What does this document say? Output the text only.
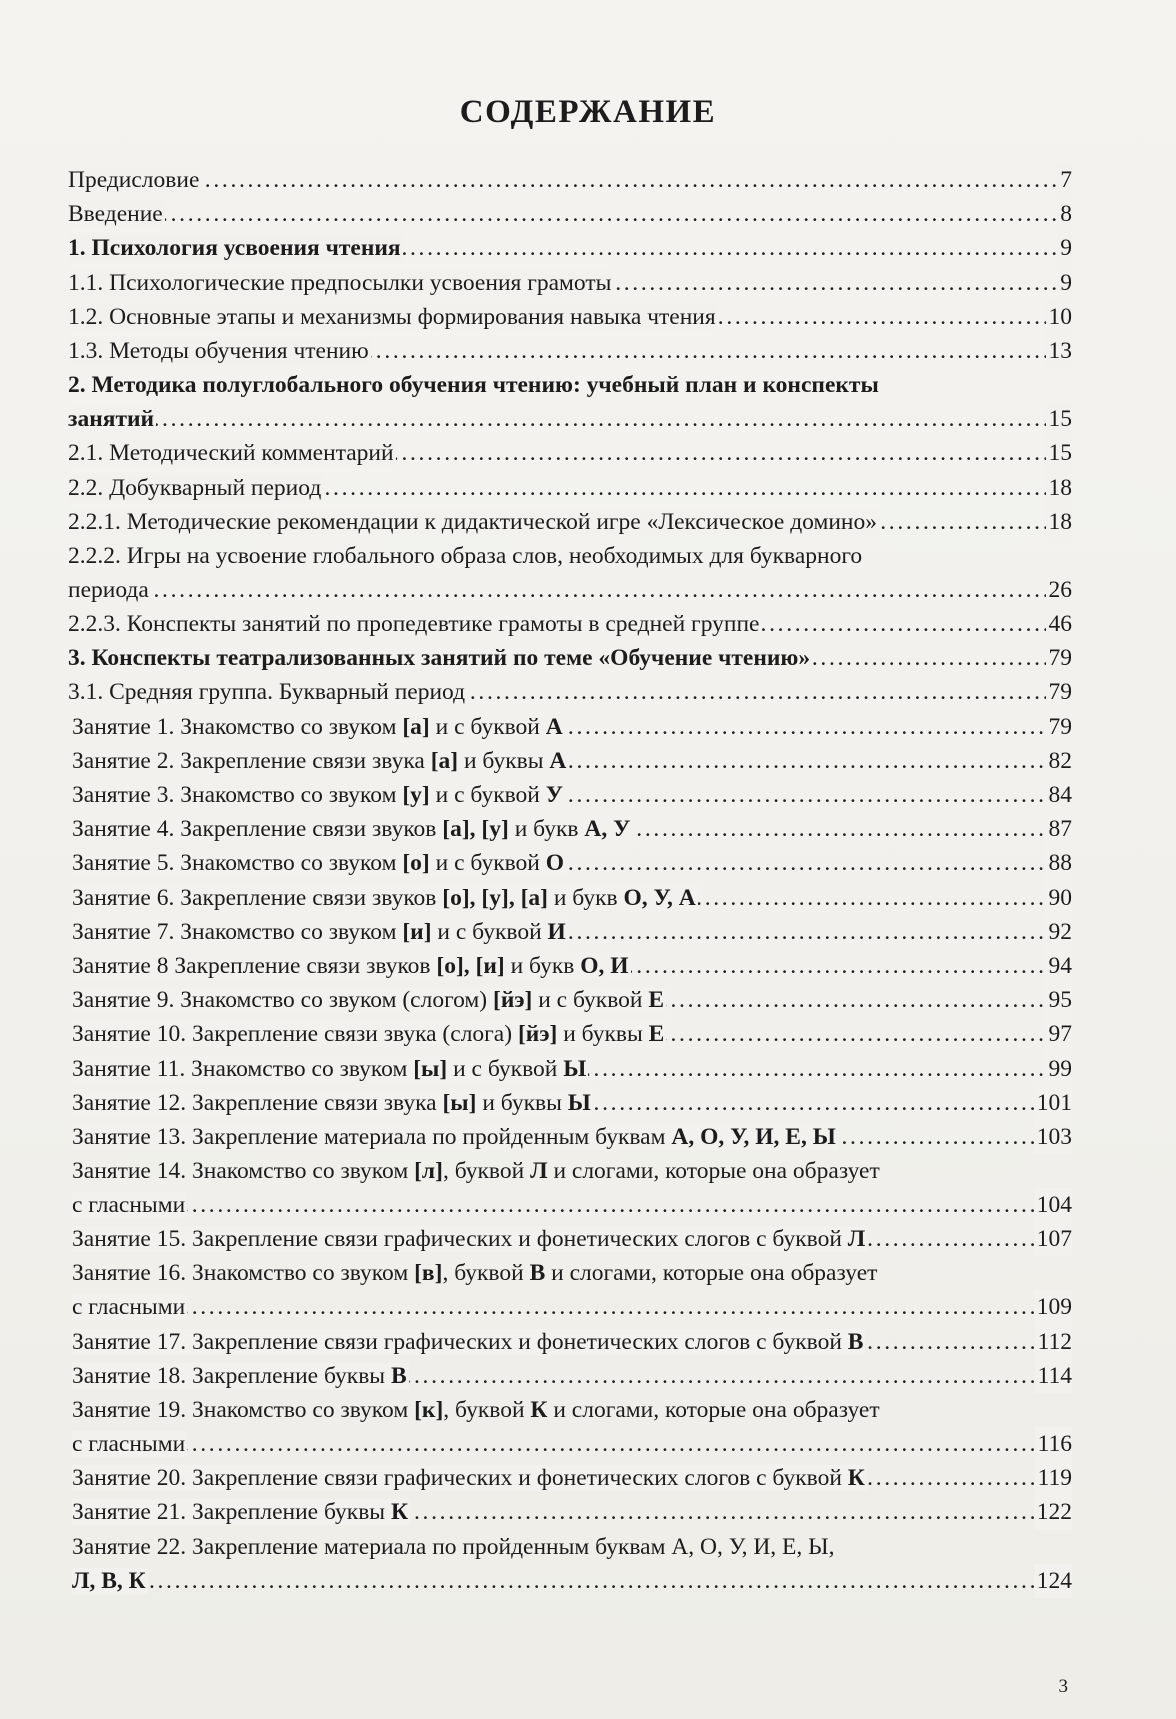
СОДЕРЖАНИЕ
. . . Предисловие	7
. . . Введение	8
. . . 1. Психология усвоения чтения	9
. . . 1.1. Психологические предпосылки усвоения грамоты	9
. . . 1.2. Основные этапы и механизмы формирования навыка чтения	10
. . . 1.3. Методы обучения чтению	13
2. Методика полуглобального обучения чтению: учебный план и конспекты
. . . занятий	15
. . . 2.1. Методический комментарий	15
. . . 2.2. Добукварный период	18
. . . 2.2.1. Методические рекомендации к дидактической игре «Лексическое домино»	18
2.2.2. Игры на усвоение глобального образа слов, необходимых для букварного
. . . периода	26
. . . 2.2.3. Конспекты занятий по пропедевтике грамоты в средней группе	46
. . . 3. Конспекты театрализованных занятий по теме «Обучение чтению»	79
. . . 3.1. Средняя группа. Букварный период	79
. . . Занятие 1. Знакомство со звуком [а] и с буквой А	79
. . . Занятие 2. Закрепление связи звука [а] и буквы А	82
. . . Занятие 3. Знакомство со звуком [у] и с буквой У	84
. . . Занятие 4. Закрепление связи звуков [а], [у] и букв А, У	87
. . . Занятие 5. Знакомство со звуком [о] и с буквой О	88
. . . Занятие 6. Закрепление связи звуков [о], [у], [а] и букв О, У, А	90
. . . Занятие 7. Знакомство со звуком [и] и с буквой И	92
. . . Занятие 8 Закрепление связи звуков [о], [и] и букв О, И	94
. . . Занятие 9. Знакомство со звуком (слогом) [йэ] и с буквой Е	95
. . . Занятие 10. Закрепление связи звука (слога) [йэ] и буквы Е	97
. . . Занятие 11. Знакомство со звуком [ы] и с буквой Ы	99
. . . Занятие 12. Закрепление связи звука [ы] и буквы Ы	101
. . . Занятие 13. Закрепление материала по пройденным буквам А, О, У, И, Е, Ы	103
Занятие 14. Знакомство со звуком [л], буквой Л и слогами, которые она образует
. . . с гласными	104
. . . Занятие 15. Закрепление связи графических и фонетических слогов с буквой Л	107
Занятие 16. Знакомство со звуком [в], буквой В и слогами, которые она образует
. . . с гласными	109
. . . Занятие 17. Закрепление связи графических и фонетических слогов с буквой В	112
. . . Занятие 18. Закрепление буквы В	114
Занятие 19. Знакомство со звуком [к], буквой К и слогами, которые она образует
. . . с гласными	116
. . . Занятие 20. Закрепление связи графических и фонетических слогов с буквой К	119
. . . Занятие 21. Закрепление буквы К	122
Занятие 22. Закрепление материала по пройденным буквам А, О, У, И, Е, Ы,
. . . Л, В, К	124
3
